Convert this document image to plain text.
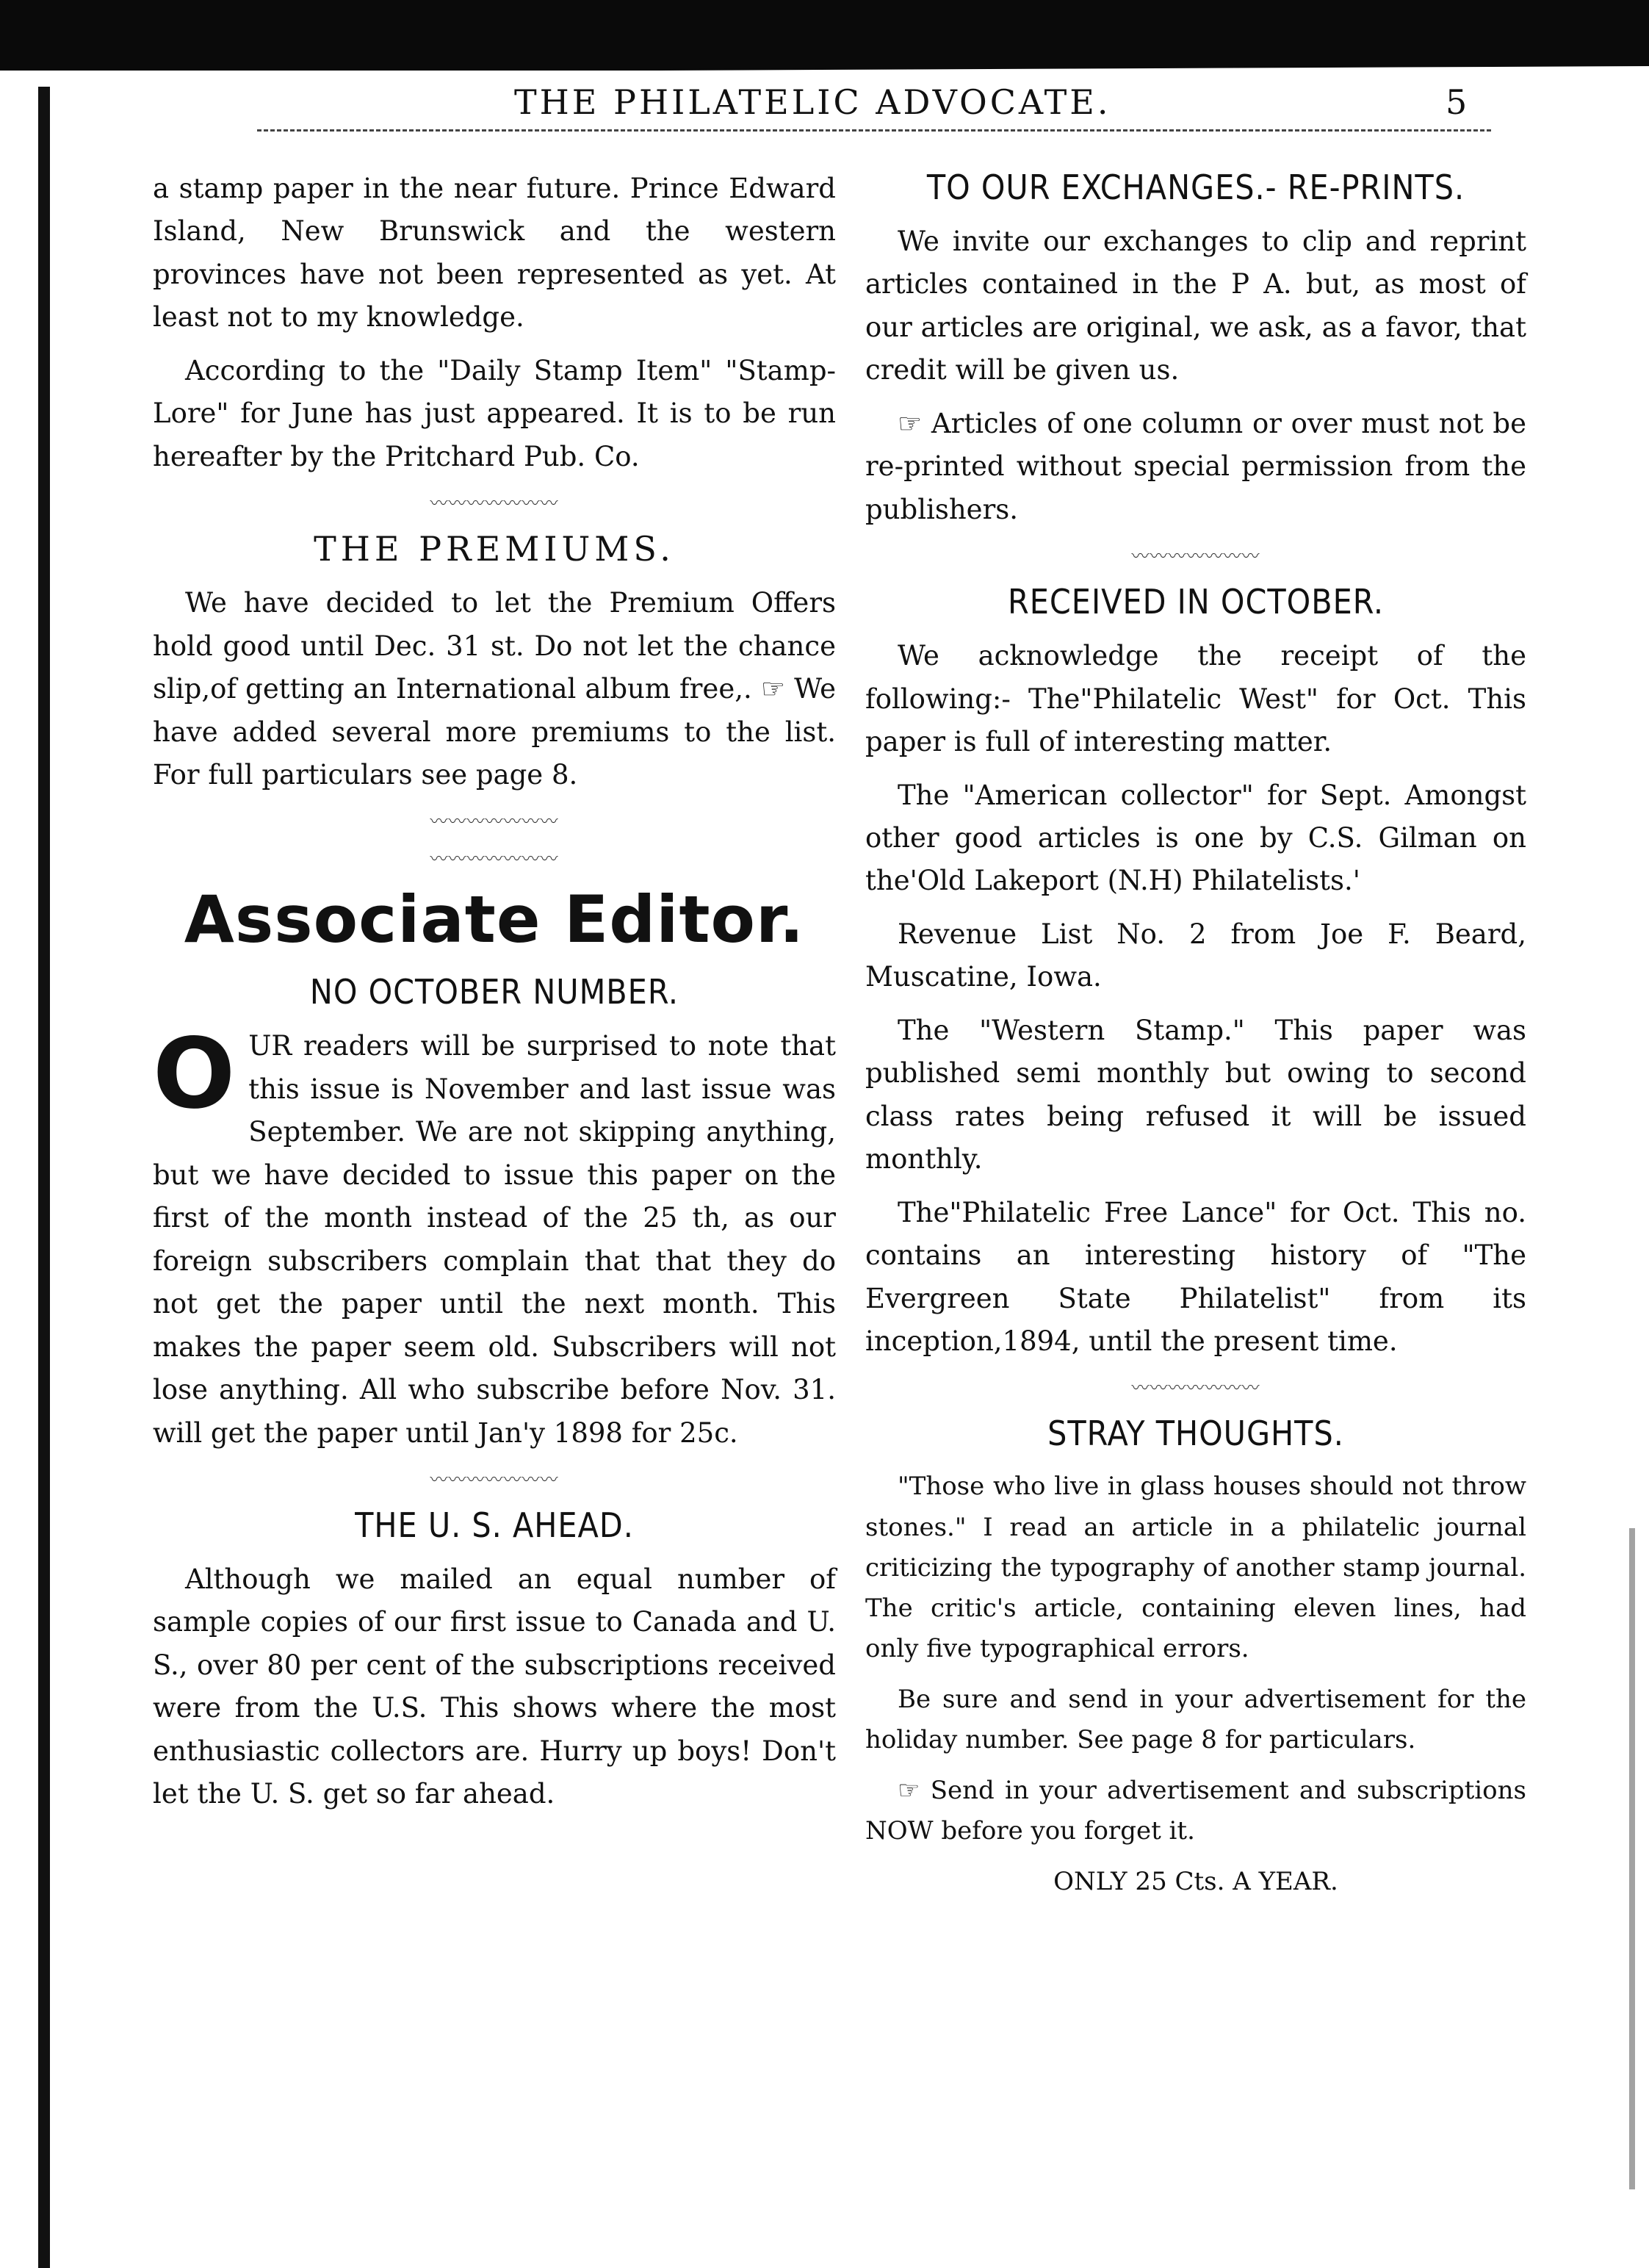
THE PHILATELIC ADVOCATE.	5

a stamp paper in the near future. Prince Edward Island, New Brunswick and the western provinces have not been represented as yet. At least not to my knowledge.

According to the "Daily Stamp Item" "Stamp-Lore" for June has just appeared. It is to be run hereafter by the Pritchard Pub. Co.

〰〰〰〰〰〰〰
THE PREMIUMS.

We have decided to let the Premium Offers hold good until Dec. 31 st. Do not let the chance slip,of getting an International album free,. ☞ We have added several more premiums to the list. For full particulars see page 8.

〰〰〰〰〰〰〰
〰〰〰〰〰〰〰
Associate Editor.
NO OCTOBER NUMBER.

O UR readers will be surprised to note that this issue is November and last issue was September. We are not skipping anything, but we have decided to issue this paper on the first of the month instead of the 25 th, as our foreign subscribers complain that that they do not get the paper until the next month. This makes the paper seem old. Subscribers will not lose anything. All who subscribe before Nov. 31. will get the paper until Jan'y 1898 for 25c.

〰〰〰〰〰〰〰
THE U. S. AHEAD.

Although we mailed an equal number of sample copies of our first issue to Canada and U. S., over 80 per cent of the subscriptions received were from the U.S. This shows where the most enthusiastic collectors are. Hurry up boys! Don't let the U. S. get so far ahead.

TO OUR EXCHANGES.- RE-PRINTS.

We invite our exchanges to clip and reprint articles contained in the P A. but, as most of our articles are original, we ask, as a favor, that credit will be given us.

☞ Articles of one column or over must not be re-printed without special permission from the publishers.

〰〰〰〰〰〰〰
RECEIVED IN OCTOBER.

We acknowledge the receipt of the following:- The"Philatelic West" for Oct. This paper is full of interesting matter.

The "American collector" for Sept. Amongst other good articles is one by C.S. Gilman on the'Old Lakeport (N.H) Philatelists.'

Revenue List No. 2 from Joe F. Beard, Muscatine, Iowa.

The "Western Stamp." This paper was published semi monthly but owing to second class rates being refused it will be issued monthly.

The"Philatelic Free Lance" for Oct. This no. contains an interesting history of "The Evergreen State Philatelist" from its inception,1894, until the present time.

〰〰〰〰〰〰〰
STRAY THOUGHTS.

"Those who live in glass houses should not throw stones." I read an article in a philatelic journal criticizing the typography of another stamp journal. The critic's article, containing eleven lines, had only five typographical errors.

Be sure and send in your advertisement for the holiday number. See page 8 for particulars.

☞ Send in your advertisement and subscriptions NOW before you forget it.

ONLY 25 Cts. A YEAR.
